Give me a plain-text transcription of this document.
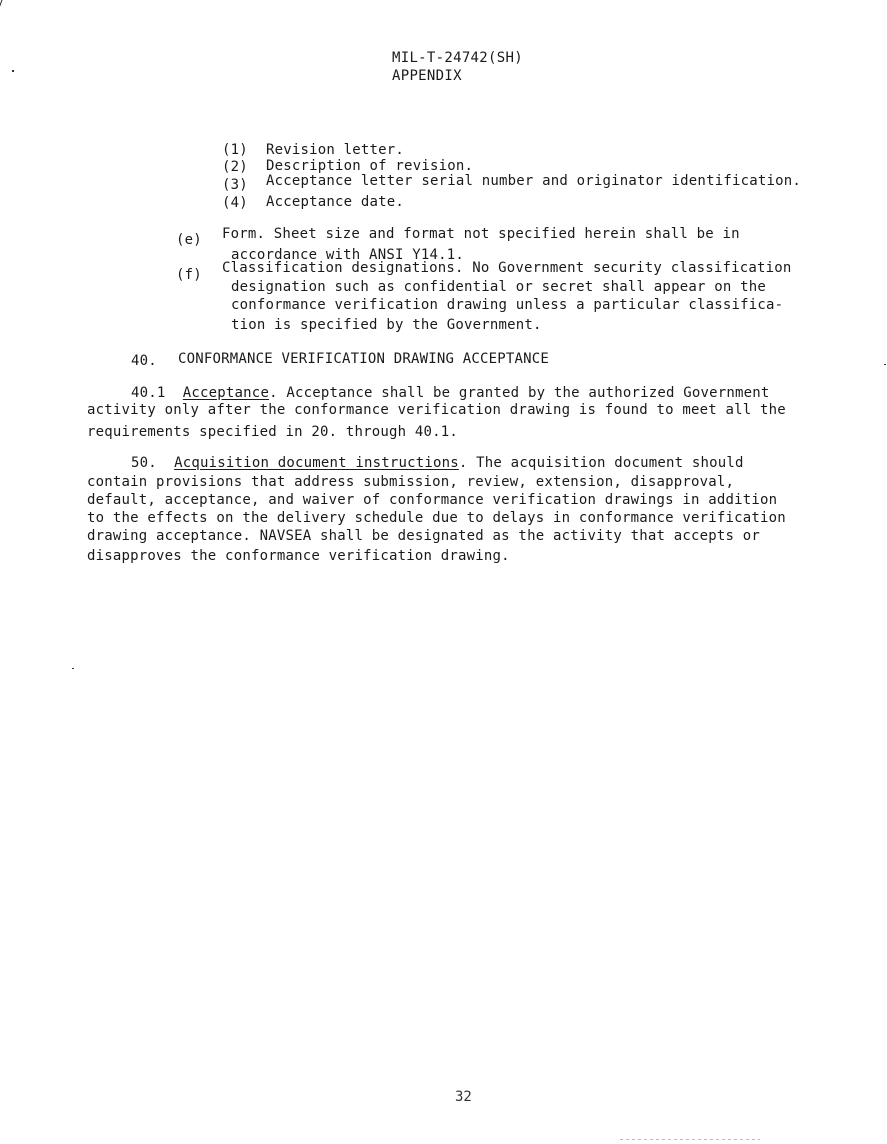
MIL-T-24742(SH)
APPENDIX
(1) Revision letter.
(2) Description of revision.
(3) Acceptance letter serial number and originator identification.
(4) Acceptance date.
(e) Form. Sheet size and format not specified herein shall be in
accordance with ANSI Y14.1.
(f) Classification designations. No Government security classification
designation such as confidential or secret shall appear on the
conformance verification drawing unless a particular classifica-
tion is specified by the Government.
40. CONFORMANCE VERIFICATION DRAWING ACCEPTANCE
40.1 Acceptance. Acceptance shall be granted by the authorized Government
activity only after the conformance verification drawing is found to meet all the
requirements specified in 20. through 40.1.
50. Acquisition document instructions. The acquisition document should
contain provisions that address submission, review, extension, disapproval,
default, acceptance, and waiver of conformance verification drawings in addition
to the effects on the delivery schedule due to delays in conformance verification
drawing acceptance. NAVSEA shall be designated as the activity that accepts or
disapproves the conformance verification drawing.
32
